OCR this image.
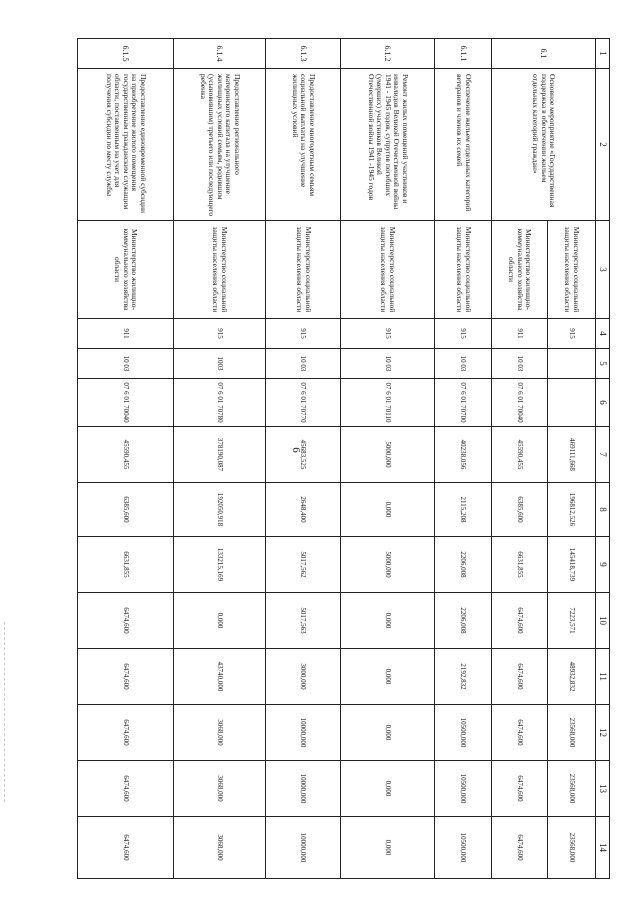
6
1	2	3	4	5	6	7	8	9	10	11	12	13	14
6.1	Основное мероприятие «Государственная поддержка в обеспечении жильем отдельных категорий граждан»	Министерство социальной защиты населения области	915			469111,668	196812,526	145418,739	7223,571	48932,832	23568,000	23568,000	23568,000
		Министерство жилищно-коммунального хозяйства области	911	10 03	07 6 01 70040	45590,455	6385,600	6631,855	6474,600	6474,600	6474,600	6474,600	6474,600
6.1.1	Обеспечение жильем отдельных категорий ветеранов и членов их семей	Министерство социальной защиты населения области	915	10 03	07 6 01 70700	40238,056	2115,208	2206,008	2206,008	2192,832	10500,000	10500,000	10500,000
6.1.2	Ремонт жилых помещений участников и инвалидов Великой Отечественной войны 1941 - 1945 годов, супругов погибших (умерших) участников Великой Отечественной войны 1941 -1945 годов	Министерство социальной защиты населения области	915	10 03	07 6 01 70110	5000,000	0,000	5000,000	0,000	0,000	0,000	0,000	0,000
6.1.3	Предоставление многодетным семьям социальной выплаты на улучшение жилищных условий	Министерство социальной защиты населения области	915	10 03	07 6 01 70770	45683,525	2648,400	5017,562	5017,563	3000,000	10000,000	10000,000	10000,000
6.1.4	Предоставление регионального материнского капитала на улучшение жилищных условий семьям, родившим (усыновившим) третьего или последующего ребенка	Министерство социальной защиты населения области	915	1003	07 6 01 70780	378190,087	192050,918	133215,169	0,000	43740,000	3068,000	3068,000	3068,000
6.1.5	Предоставление единовременной субсидии на приобретение жилого помещения государственным гражданским служащим области, поставленным на учет для получения субсидии по месту службы	Министерство жилищно-коммунального хозяйства области	911	10 03	07 6 01 70040	45590,455	6385,600	6631,855	6474,600	6474,600	6474,600	6474,600	6474,600
